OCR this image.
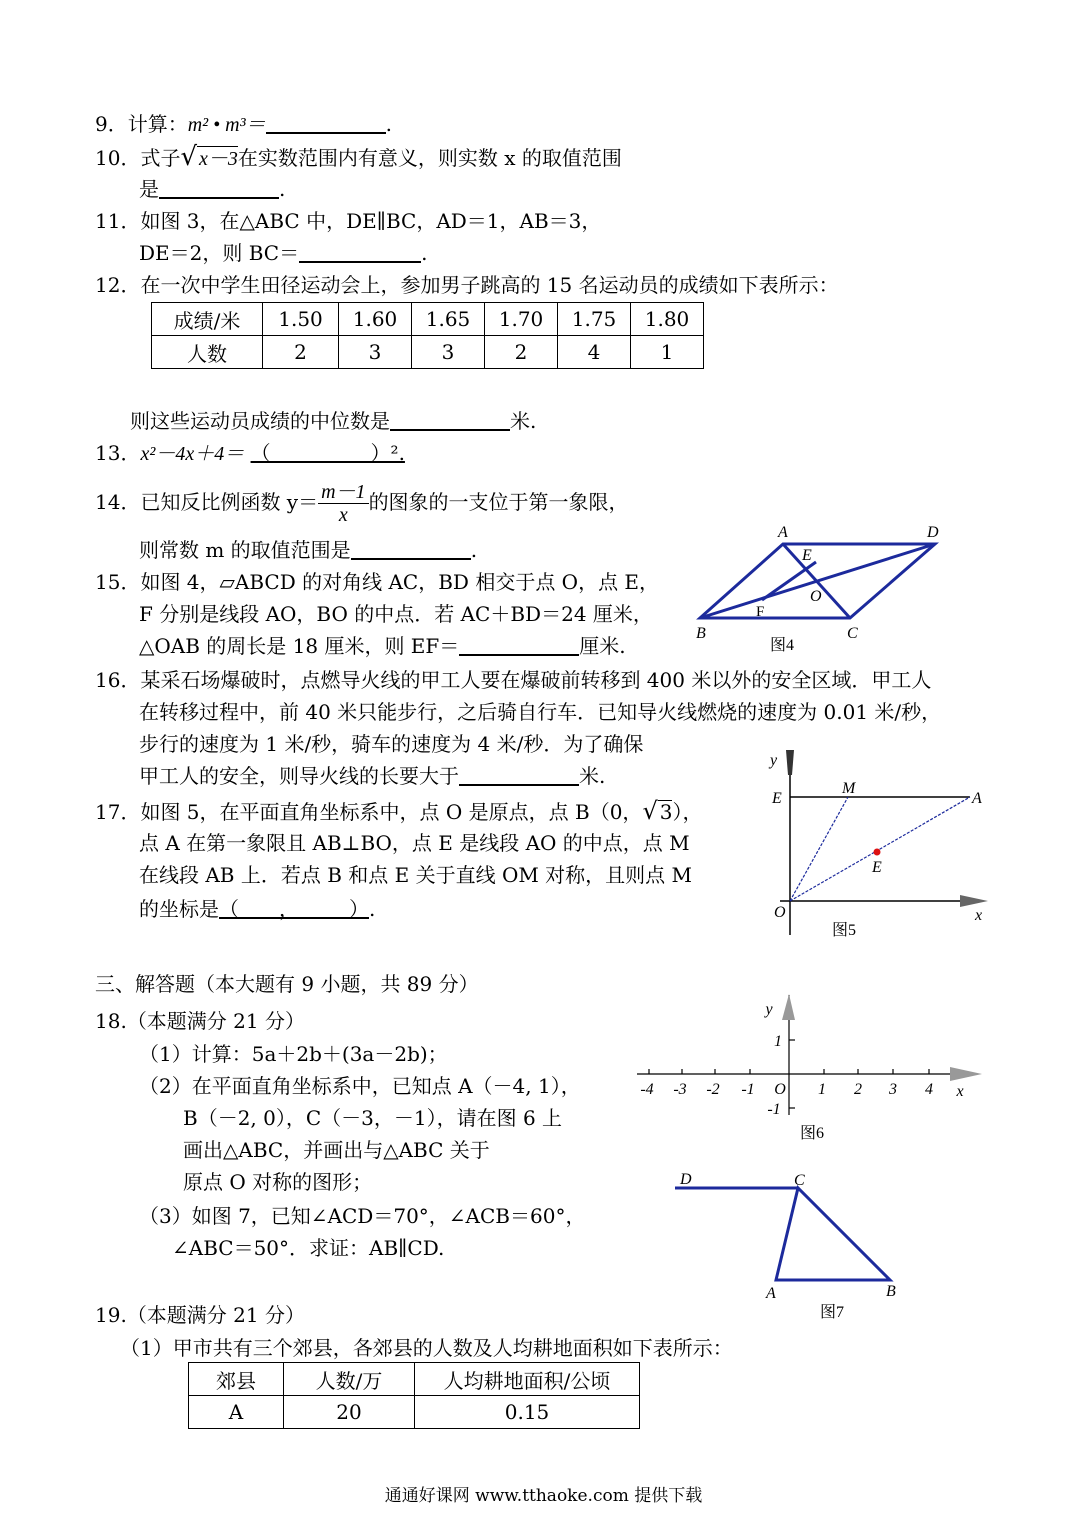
9．计算：m² • m³＝	.
10．式子√ x－3在实数范围内有意义，则实数 x 的取值范围
是	.
11．如图 3，在△ABC 中，DE∥BC，AD＝1，AB＝3，
DE＝2，则 BC＝	.
12．在一次中学生田径运动会上，参加男子跳高的 15 名运动员的成绩如下表所示：
成绩/米	1.50	1.60	1.65	1.70	1.75	1.80
人数	2	3	3	2	4	1
则这些运动员成绩的中位数是	米.
13．x²－4x＋4＝ （　　　　　）².
14．已知反比例函数 $y= \frac{m-1}{x}$ 的图象的一支位于第一象限，
则常数 m 的取值范围是	.
15．如图 4，▱ABCD 的对角线 AC，BD 相交于点 O，点 E，
F 分别是线段 AO，BO 的中点．若 AC＋BD＝24 厘米，
△OAB 的周长是 18 厘米，则 EF＝	厘米.
A	D
E
O
F
B	C
图4
16．某采石场爆破时，点燃导火线的甲工人要在爆破前转移到 400 米以外的安全区域．甲工人
在转移过程中，前 40 米只能步行，之后骑自行车．已知导火线燃烧的速度为 0.01 米/秒，
步行的速度为 1 米/秒，骑车的速度为 4 米/秒．为了确保
甲工人的安全，则导火线的长要大于	米.
17．如图 5，在平面直角坐标系中，点 O 是原点，点 B（0，√ 3），
点 A 在第一象限且 AB⊥BO，点 E 是线段 AO 的中点，点 M
在线段 AB 上．若点 B 和点 E 关于直线 OM 对称，且则点 M
的坐标是（　　，　　　）.
y
E
M
A
E
O	x
图5
三、解答题（本大题有 9 小题，共 89 分）
18.（本题满分 21 分）
（1）计算：5a＋2b＋(3a－2b)；
（2）在平面直角坐标系中，已知点 A（－4, 1），
B（－2, 0），C（－3，－1），请在图 6 上
画出△ABC，并画出与△ABC 关于
原点 O 对称的图形；
（3）如图 7，已知∠ACD＝70°，∠ACB＝60°，
∠ABC＝50°．求证：AB∥CD.
-4 -3 -2 -1 O 1 2 3 4 x
y
1
-1
图6
D	C
A	B
图7
19.（本题满分 21 分）
（1）甲市共有三个郊县，各郊县的人数及人均耕地面积如下表所示：
郊县	人数/万	人均耕地面积/公顷
A	20	0.15
通通好课网 www.tthaoke.com 提供下载
